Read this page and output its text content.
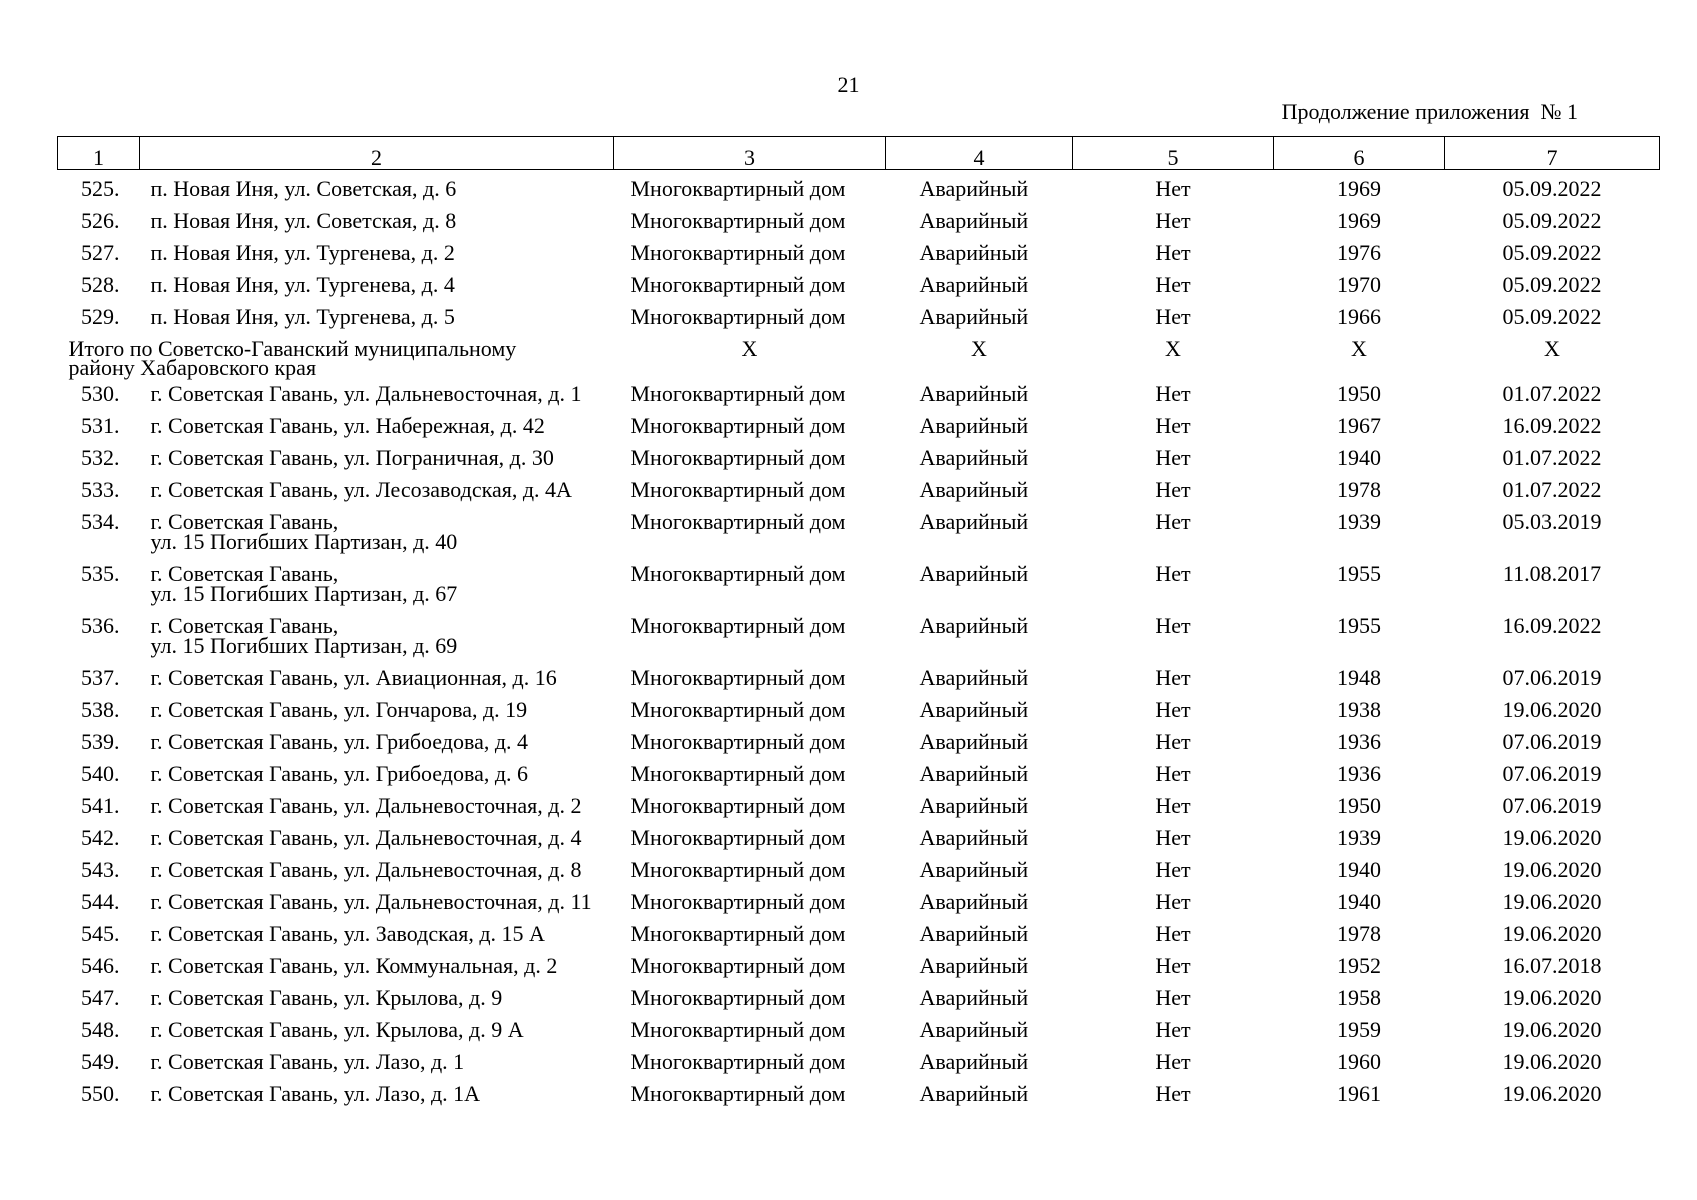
21
Продолжение приложения  № 1
1	2	3	4	5	6	7
525.	п. Новая Иня, ул. Советская, д. 6	Многоквартирный дом	Аварийный	Нет	1969	05.09.2022
526.	п. Новая Иня, ул. Советская, д. 8	Многоквартирный дом	Аварийный	Нет	1969	05.09.2022
527.	п. Новая Иня, ул. Тургенева, д. 2	Многоквартирный дом	Аварийный	Нет	1976	05.09.2022
528.	п. Новая Иня, ул. Тургенева, д. 4	Многоквартирный дом	Аварийный	Нет	1970	05.09.2022
529.	п. Новая Иня, ул. Тургенева, д. 5	Многоквартирный дом	Аварийный	Нет	1966	05.09.2022

Итого по Советско-Гаванский муниципальному
району Хабаровского края		Х	Х	Х	Х	Х
530.	г. Советская Гавань, ул. Дальневосточная, д. 1	Многоквартирный дом	Аварийный	Нет	1950	01.07.2022
531.	г. Советская Гавань, ул. Набережная, д. 42	Многоквартирный дом	Аварийный	Нет	1967	16.09.2022
532.	г. Советская Гавань, ул. Пограничная, д. 30	Многоквартирный дом	Аварийный	Нет	1940	01.07.2022
533.	г. Советская Гавань, ул. Лесозаводская, д. 4А	Многоквартирный дом	Аварийный	Нет	1978	01.07.2022
534.	г. Советская Гавань,
ул. 15 Погибших Партизан, д. 40	Многоквартирный дом	Аварийный	Нет	1939	05.03.2019
535.	г. Советская Гавань,
ул. 15 Погибших Партизан, д. 67	Многоквартирный дом	Аварийный	Нет	1955	11.08.2017
536.	г. Советская Гавань,
ул. 15 Погибших Партизан, д. 69	Многоквартирный дом	Аварийный	Нет	1955	16.09.2022
537.	г. Советская Гавань, ул. Авиационная, д. 16	Многоквартирный дом	Аварийный	Нет	1948	07.06.2019
538.	г. Советская Гавань, ул. Гончарова, д. 19	Многоквартирный дом	Аварийный	Нет	1938	19.06.2020
539.	г. Советская Гавань, ул. Грибоедова, д. 4	Многоквартирный дом	Аварийный	Нет	1936	07.06.2019
540.	г. Советская Гавань, ул. Грибоедова, д. 6	Многоквартирный дом	Аварийный	Нет	1936	07.06.2019
541.	г. Советская Гавань, ул. Дальневосточная, д. 2	Многоквартирный дом	Аварийный	Нет	1950	07.06.2019
542.	г. Советская Гавань, ул. Дальневосточная, д. 4	Многоквартирный дом	Аварийный	Нет	1939	19.06.2020
543.	г. Советская Гавань, ул. Дальневосточная, д. 8	Многоквартирный дом	Аварийный	Нет	1940	19.06.2020
544.	г. Советская Гавань, ул. Дальневосточная, д. 11	Многоквартирный дом	Аварийный	Нет	1940	19.06.2020
545.	г. Советская Гавань, ул. Заводская, д. 15 А	Многоквартирный дом	Аварийный	Нет	1978	19.06.2020
546.	г. Советская Гавань, ул. Коммунальная, д. 2	Многоквартирный дом	Аварийный	Нет	1952	16.07.2018
547.	г. Советская Гавань, ул. Крылова, д. 9	Многоквартирный дом	Аварийный	Нет	1958	19.06.2020
548.	г. Советская Гавань, ул. Крылова, д. 9 А	Многоквартирный дом	Аварийный	Нет	1959	19.06.2020
549.	г. Советская Гавань, ул. Лазо, д. 1	Многоквартирный дом	Аварийный	Нет	1960	19.06.2020
550.	г. Советская Гавань, ул. Лазо, д. 1А	Многоквартирный дом	Аварийный	Нет	1961	19.06.2020
